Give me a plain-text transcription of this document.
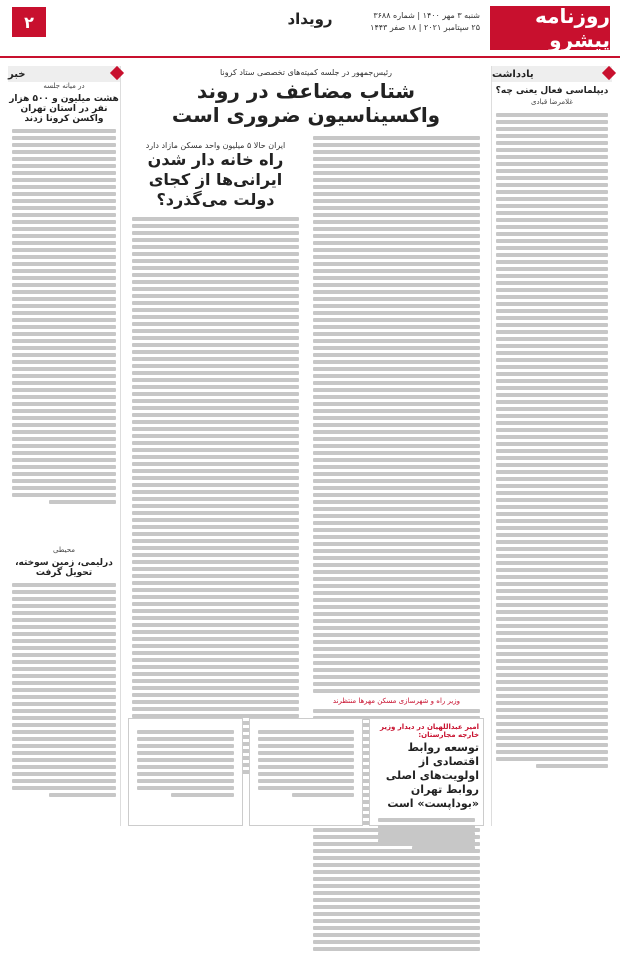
روزنامه پیشرو
شنبه ۳ مهر ۱۴۰۰ | شماره ۳۶۸۸
۲۵ سپتامبر ۲۰۲۱ | ۱۸ صفر ۱۴۴۳
رویداد
۲
یادداشت
دیپلماسی فعال یعنی چه؟
غلامرضا قبادی
خبر
در میانه جلسه
هشت میلیون و ۵۰۰ هزار نفر در استان تهران واکسن کرونا زدند
محیطی
درلیمی، زمین سوخته، تحویل گرفت
رئیس‌جمهور در جلسه کمیته‌های تخصصی ستاد کرونا
شتاب مضاعف در روند واکسیناسیون ضروری است
وزیر راه و شهرسازی مسکن مهرها منتظرند
ایران حالا ۵ میلیون واحد مسکن مازاد دارد
راه خانه دار شدن ایرانی‌ها از کجای دولت می‌گذرد؟
امیر عبداللهیان در دیدار وزیر خارجه مجارستان:
توسعه روابط اقتصادی از اولویت‌های اصلی روابط تهران «بوداپست» است
